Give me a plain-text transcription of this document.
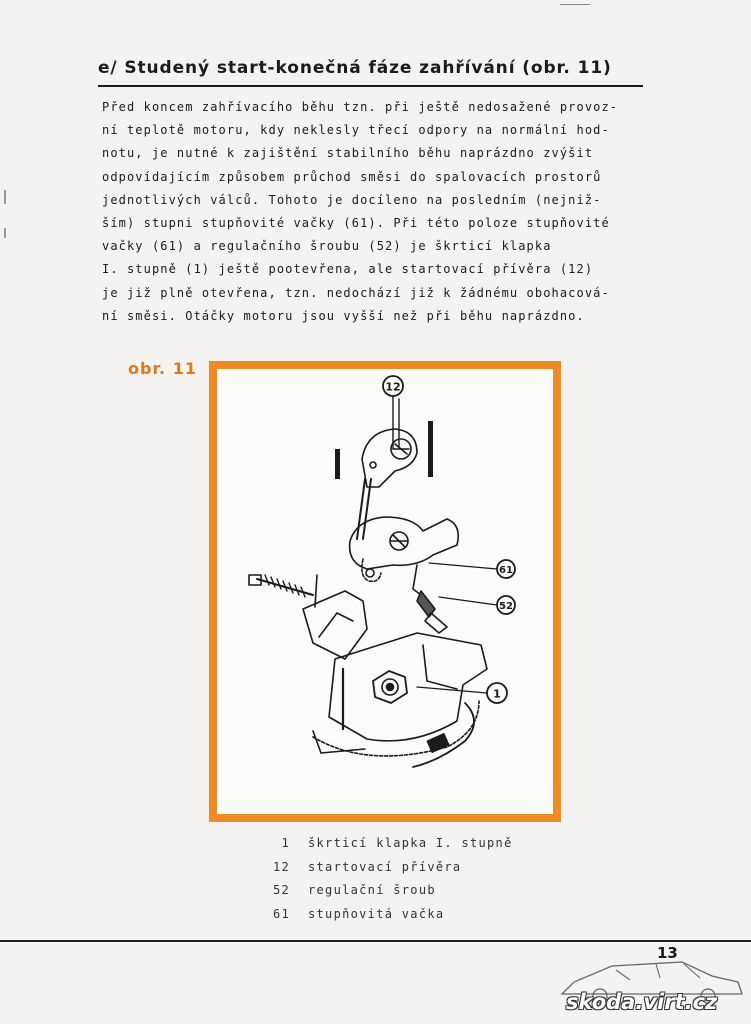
e/ Studený start-konečná fáze zahřívání (obr. 11)
Před koncem zahřívacího běhu tzn. při ještě nedosažené provoz-
ní teplotě motoru, kdy neklesly třecí odpory na normální hod-
notu, je nutné k zajištění stabilního běhu naprázdno zvýšit
odpovídajícím způsobem průchod směsi do spalovacích prostorů
jednotlivých válců. Tohoto je docíleno na posledním (nejniž-
ším) stupni stupňovité vačky (61). Při této poloze stupňovité
vačky (61) a regulačního šroubu (52) je škrticí klapka
I. stupně (1) ještě pootevřena, ale startovací přívěra (12)
je již plně otevřena, tzn. nedochází již k žádnému obohacová-
ní směsi. Otáčky motoru jsou vyšší než při běhu naprázdno.
obr. 11
12
61
52
1
1 škrticí klapka I. stupně
12 startovací přívěra
52 regulační šroub
61 stupňovitá vačka
13
skoda.virt.cz
